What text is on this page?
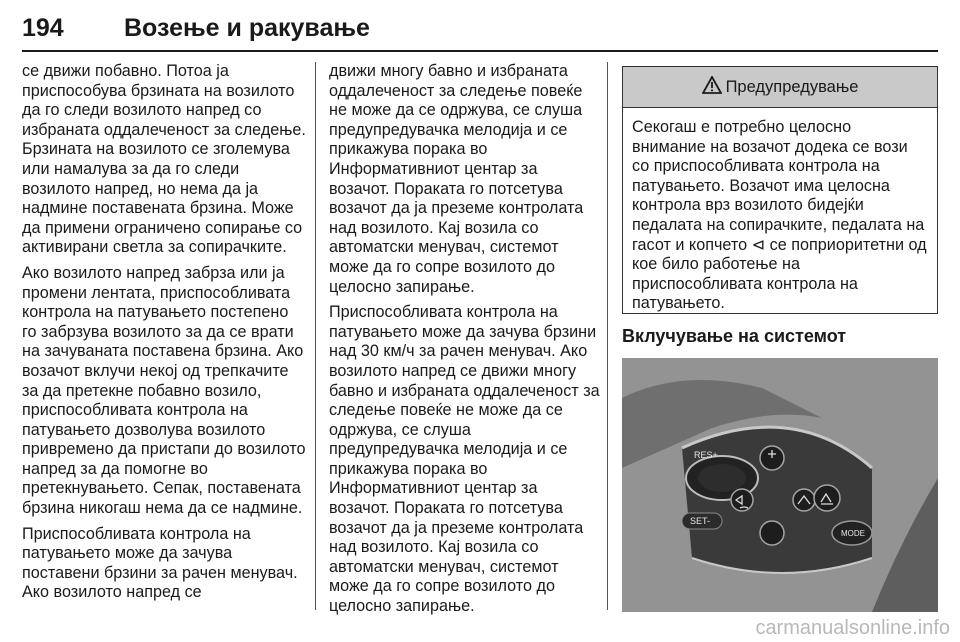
194	Возење и ракување

се движи побавно. Потоа ја приспособува брзината на возилото да го следи возилото напред со избраната оддалеченост за следење. Брзината на возилото се зголемува или намалува за да го следи возилото напред, но нема да ја надмине поставената брзина. Може да примени ограничено сопирање со активирани светла за сопирачките.

Ако возилото напред забрза или ја промени лентата, приспособливата контрола на патувањето постепено го забрзува возилото за да се врати на зачуваната поставена брзина. Ако возачот вклучи некој од трепкачите за да претекне побавно возило, приспособливата контрола на патувањето дозволува возилото привремено да пристапи до возилото напред за да помогне во претекнувањето. Сепак, поставената брзина никогаш нема да се надмине.

Приспособливата контрола на патувањето може да зачува поставени брзини за рачен менувач. Ако возилото напред се

движи многу бавно и избраната оддалеченост за следење повеќе не може да се одржува, се слуша предупредувачка мелодија и се прикажува порака во Информативниот центар за возачот. Пораката го потсетува возачот да ја преземе контролата над возилото. Кај возила со автоматски менувач, системот може да го сопре возилото до целосно запирање.

Приспособливата контрола на патувањето може да зачува брзини над 30 км/ч за рачен менувач. Ако возилото напред се движи многу бавно и избраната оддалеченост за следење повеќе не може да се одржува, се слуша предупредувачка мелодија и се прикажува порака во Информативниот центар за возачот. Пораката го потсетува возачот да ја преземе контролата над возилото. Кај возила со автоматски менувач, системот може да го сопре возилото до целосно запирање.

Предупредување

Секогаш е потребно целосно внимание на возачот додека се вози со приспособливата контрола на патувањето. Возачот има целосна контрола врз возилото бидејќи педалата на сопирачките, педалата на гасот и копчето ⊲ се поприоритетни од кое било работење на приспособливата контрола на патувањето.

Вклучување на системот
RES+
SET-
MODE
carmanualsonline.info
